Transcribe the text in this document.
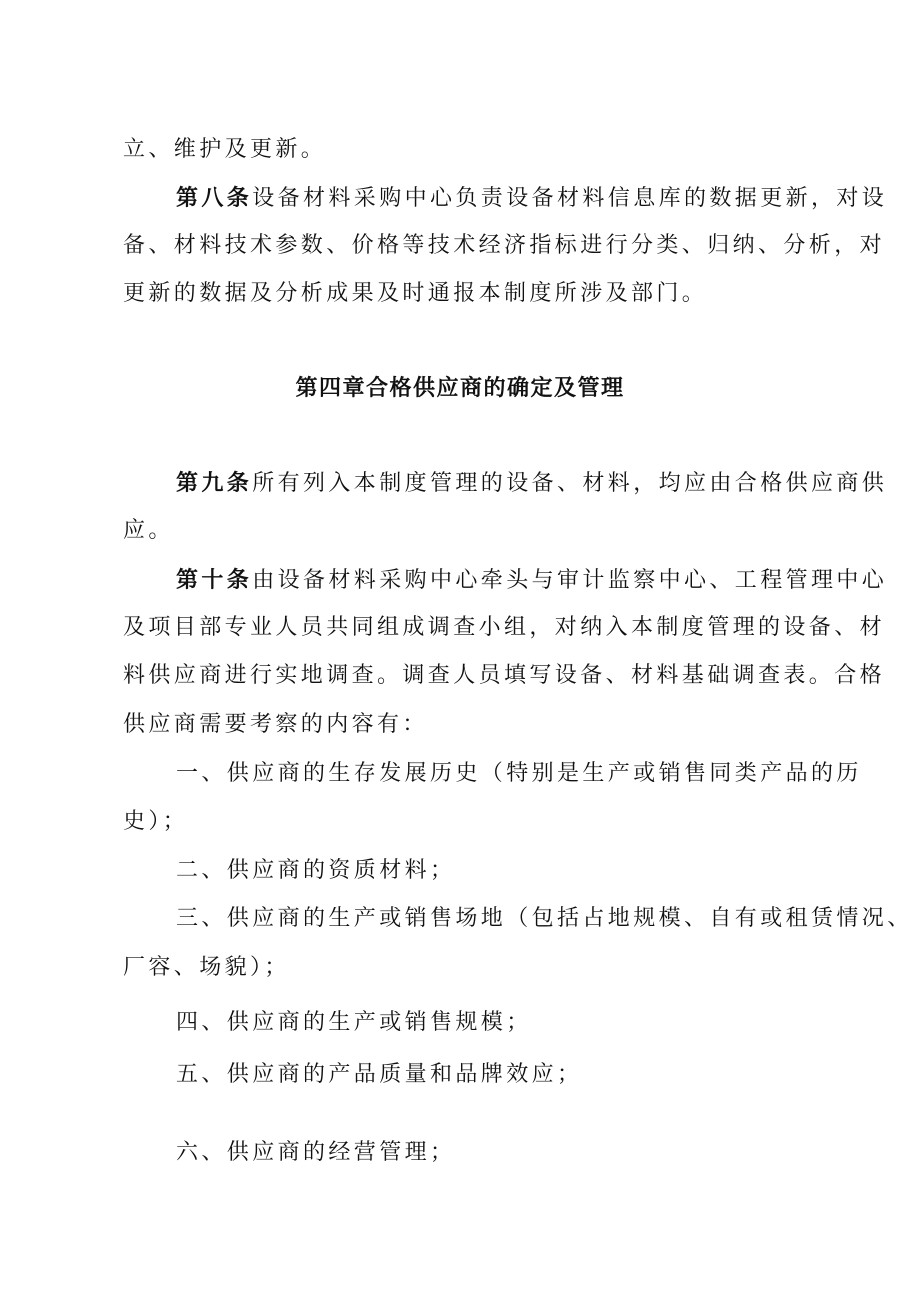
立、维护及更新。
第八条设备材料采购中心负责设备材料信息库的数据更新，对设
备、材料技术参数、价格等技术经济指标进行分类、归纳、分析，对
更新的数据及分析成果及时通报本制度所涉及部门。
第四章合格供应商的确定及管理
第九条所有列入本制度管理的设备、材料，均应由合格供应商供
应。
第十条由设备材料采购中心牵头与审计监察中心、工程管理中心
及项目部专业人员共同组成调查小组，对纳入本制度管理的设备、材
料供应商进行实地调查。调查人员填写设备、材料基础调查表。合格
供应商需要考察的内容有：
一、供应商的生存发展历史（特别是生产或销售同类产品的历
史）；
二、供应商的资质材料；
三、供应商的生产或销售场地（包括占地规模、自有或租赁情况、
厂容、场貌）；
四、供应商的生产或销售规模；
五、供应商的产品质量和品牌效应；
六、供应商的经营管理；
